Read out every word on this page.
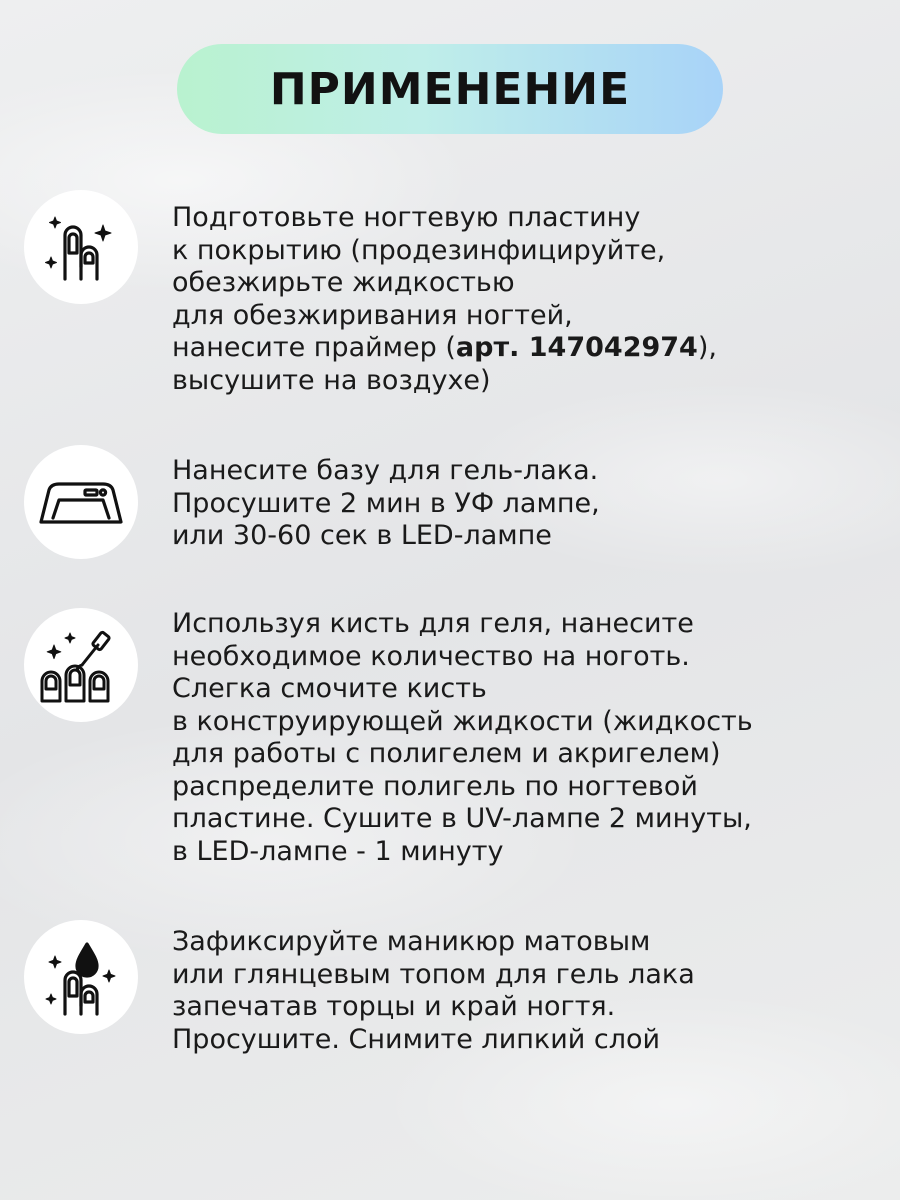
ПРИМЕНЕНИЕ
Подготовьте ногтевую пластину
к покрытию (продезинфицируйте,
обезжирьте жидкостью
для обезжиривания ногтей,
нанесите праймер (арт. 147042974),
высушите на воздухе)
Нанесите базу для гель-лака.
Просушите 2 мин в УФ лампе,
или 30-60 сек в LED-лампе
Используя кисть для геля, нанесите
необходимое количество на ноготь.
Слегка смочите кисть
в конструирующей жидкости (жидкость
для работы с полигелем и акригелем)
распределите полигель по ногтевой
пластине. Сушите в UV-лампе 2 минуты,
в LED-лампе - 1 минуту
Зафиксируйте маникюр матовым
или глянцевым топом для гель лака
запечатав торцы и край ногтя.
Просушите. Снимите липкий слой
